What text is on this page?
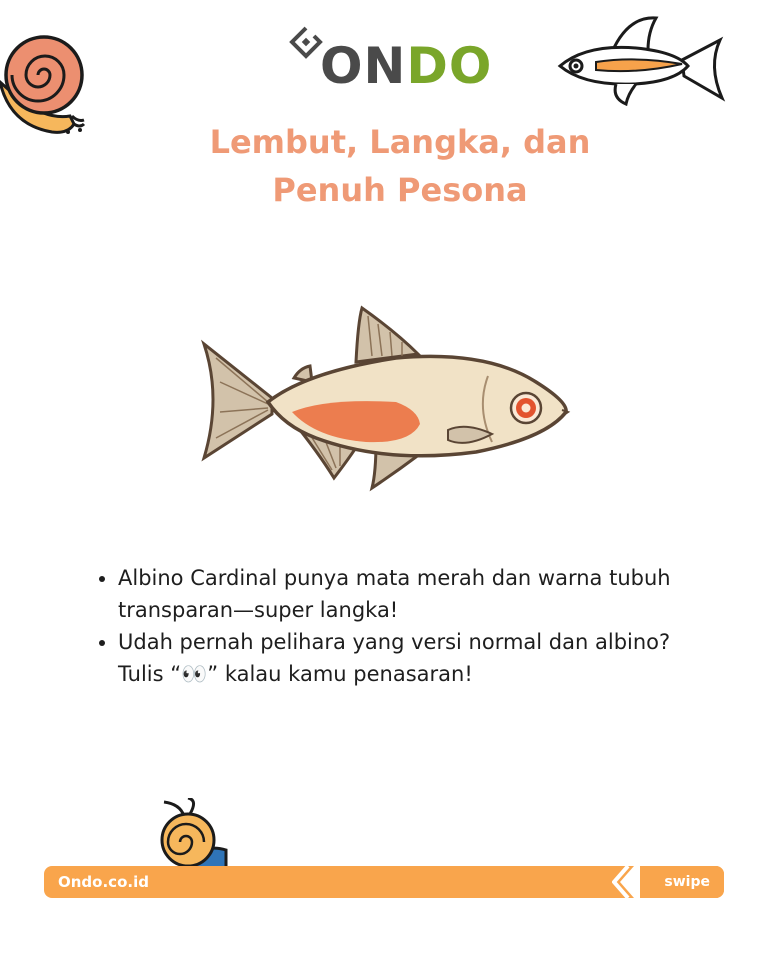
ONDO
Lembut, Langka, dan
Penuh Pesona
• Albino Cardinal punya mata merah dan warna tubuh transparan—super langka!
• Udah pernah pelihara yang versi normal dan albino? Tulis “👀” kalau kamu penasaran!
Ondo.co.id	swipe
